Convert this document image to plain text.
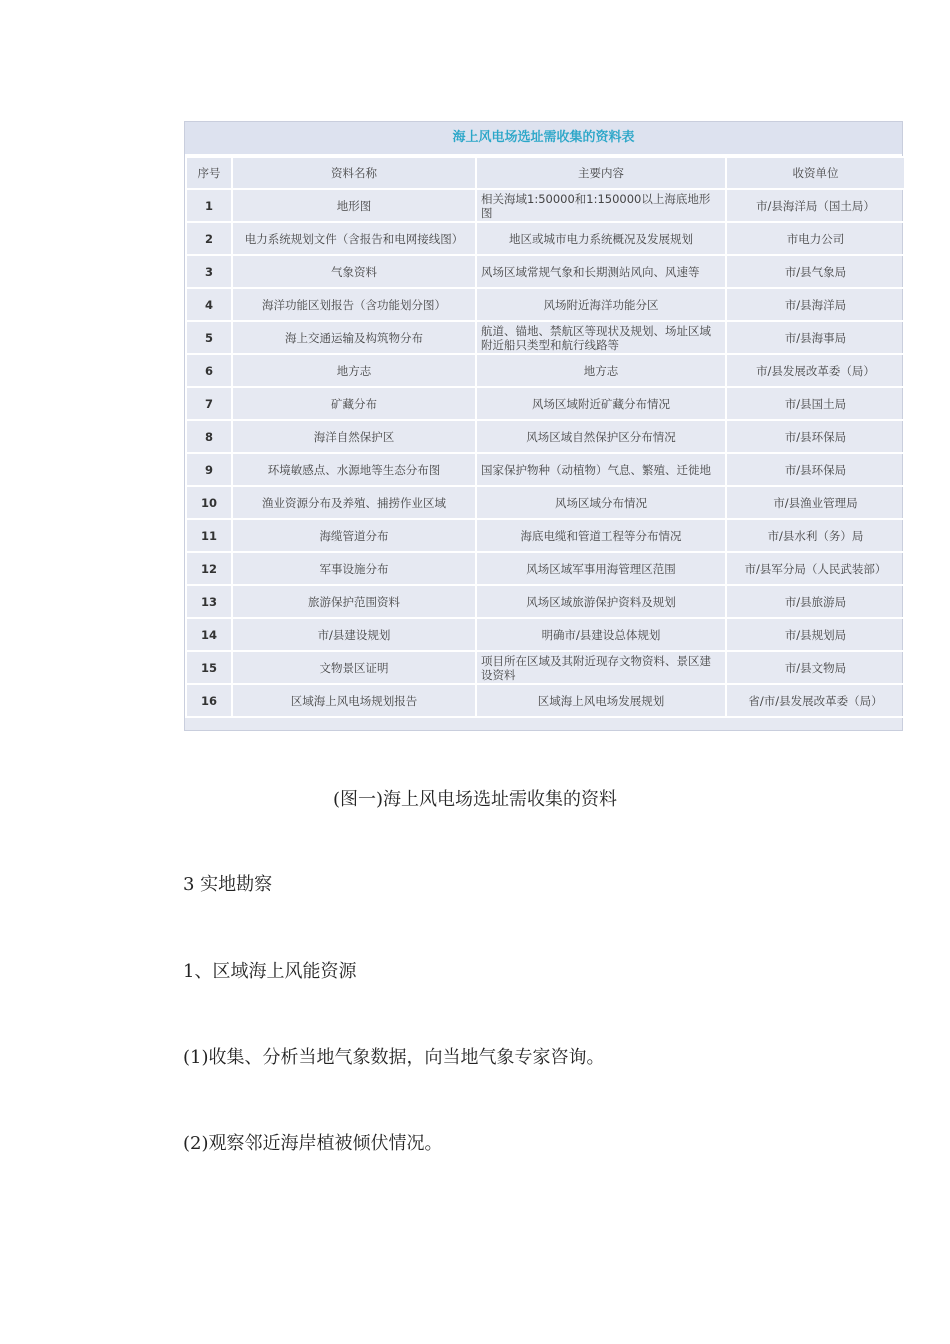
海上风电场选址需收集的资料表
序号	资料名称	主要内容	收资单位
1	地形图	相关海域1:50000和1:150000以上海底地形图	市/县海洋局（国土局）
2	电力系统规划文件（含报告和电网接线图）	地区或城市电力系统概况及发展规划	市电力公司
3	气象资料	风场区域常规气象和长期测站风向、风速等	市/县气象局
4	海洋功能区划报告（含功能划分图）	风场附近海洋功能分区	市/县海洋局
5	海上交通运输及构筑物分布	航道、锚地、禁航区等现状及规划、场址区域附近船只类型和航行线路等	市/县海事局
6	地方志	地方志	市/县发展改革委（局）
7	矿藏分布	风场区域附近矿藏分布情况	市/县国土局
8	海洋自然保护区	风场区域自然保护区分布情况	市/县环保局
9	环境敏感点、水源地等生态分布图	国家保护物种（动植物）气息、繁殖、迁徙地	市/县环保局
10	渔业资源分布及养殖、捕捞作业区域	风场区域分布情况	市/县渔业管理局
11	海缆管道分布	海底电缆和管道工程等分布情况	市/县水利（务）局
12	军事设施分布	风场区域军事用海管理区范围	市/县军分局（人民武装部）
13	旅游保护范围资料	风场区域旅游保护资料及规划	市/县旅游局
14	市/县建设规划	明确市/县建设总体规划	市/县规划局
15	文物景区证明	项目所在区域及其附近现存文物资料、景区建设资料	市/县文物局
16	区域海上风电场规划报告	区域海上风电场发展规划	省/市/县发展改革委（局）
(图一)海上风电场选址需收集的资料
3 实地勘察
1、区域海上风能资源
(1)收集、分析当地气象数据，向当地气象专家咨询。
(2)观察邻近海岸植被倾伏情况。
